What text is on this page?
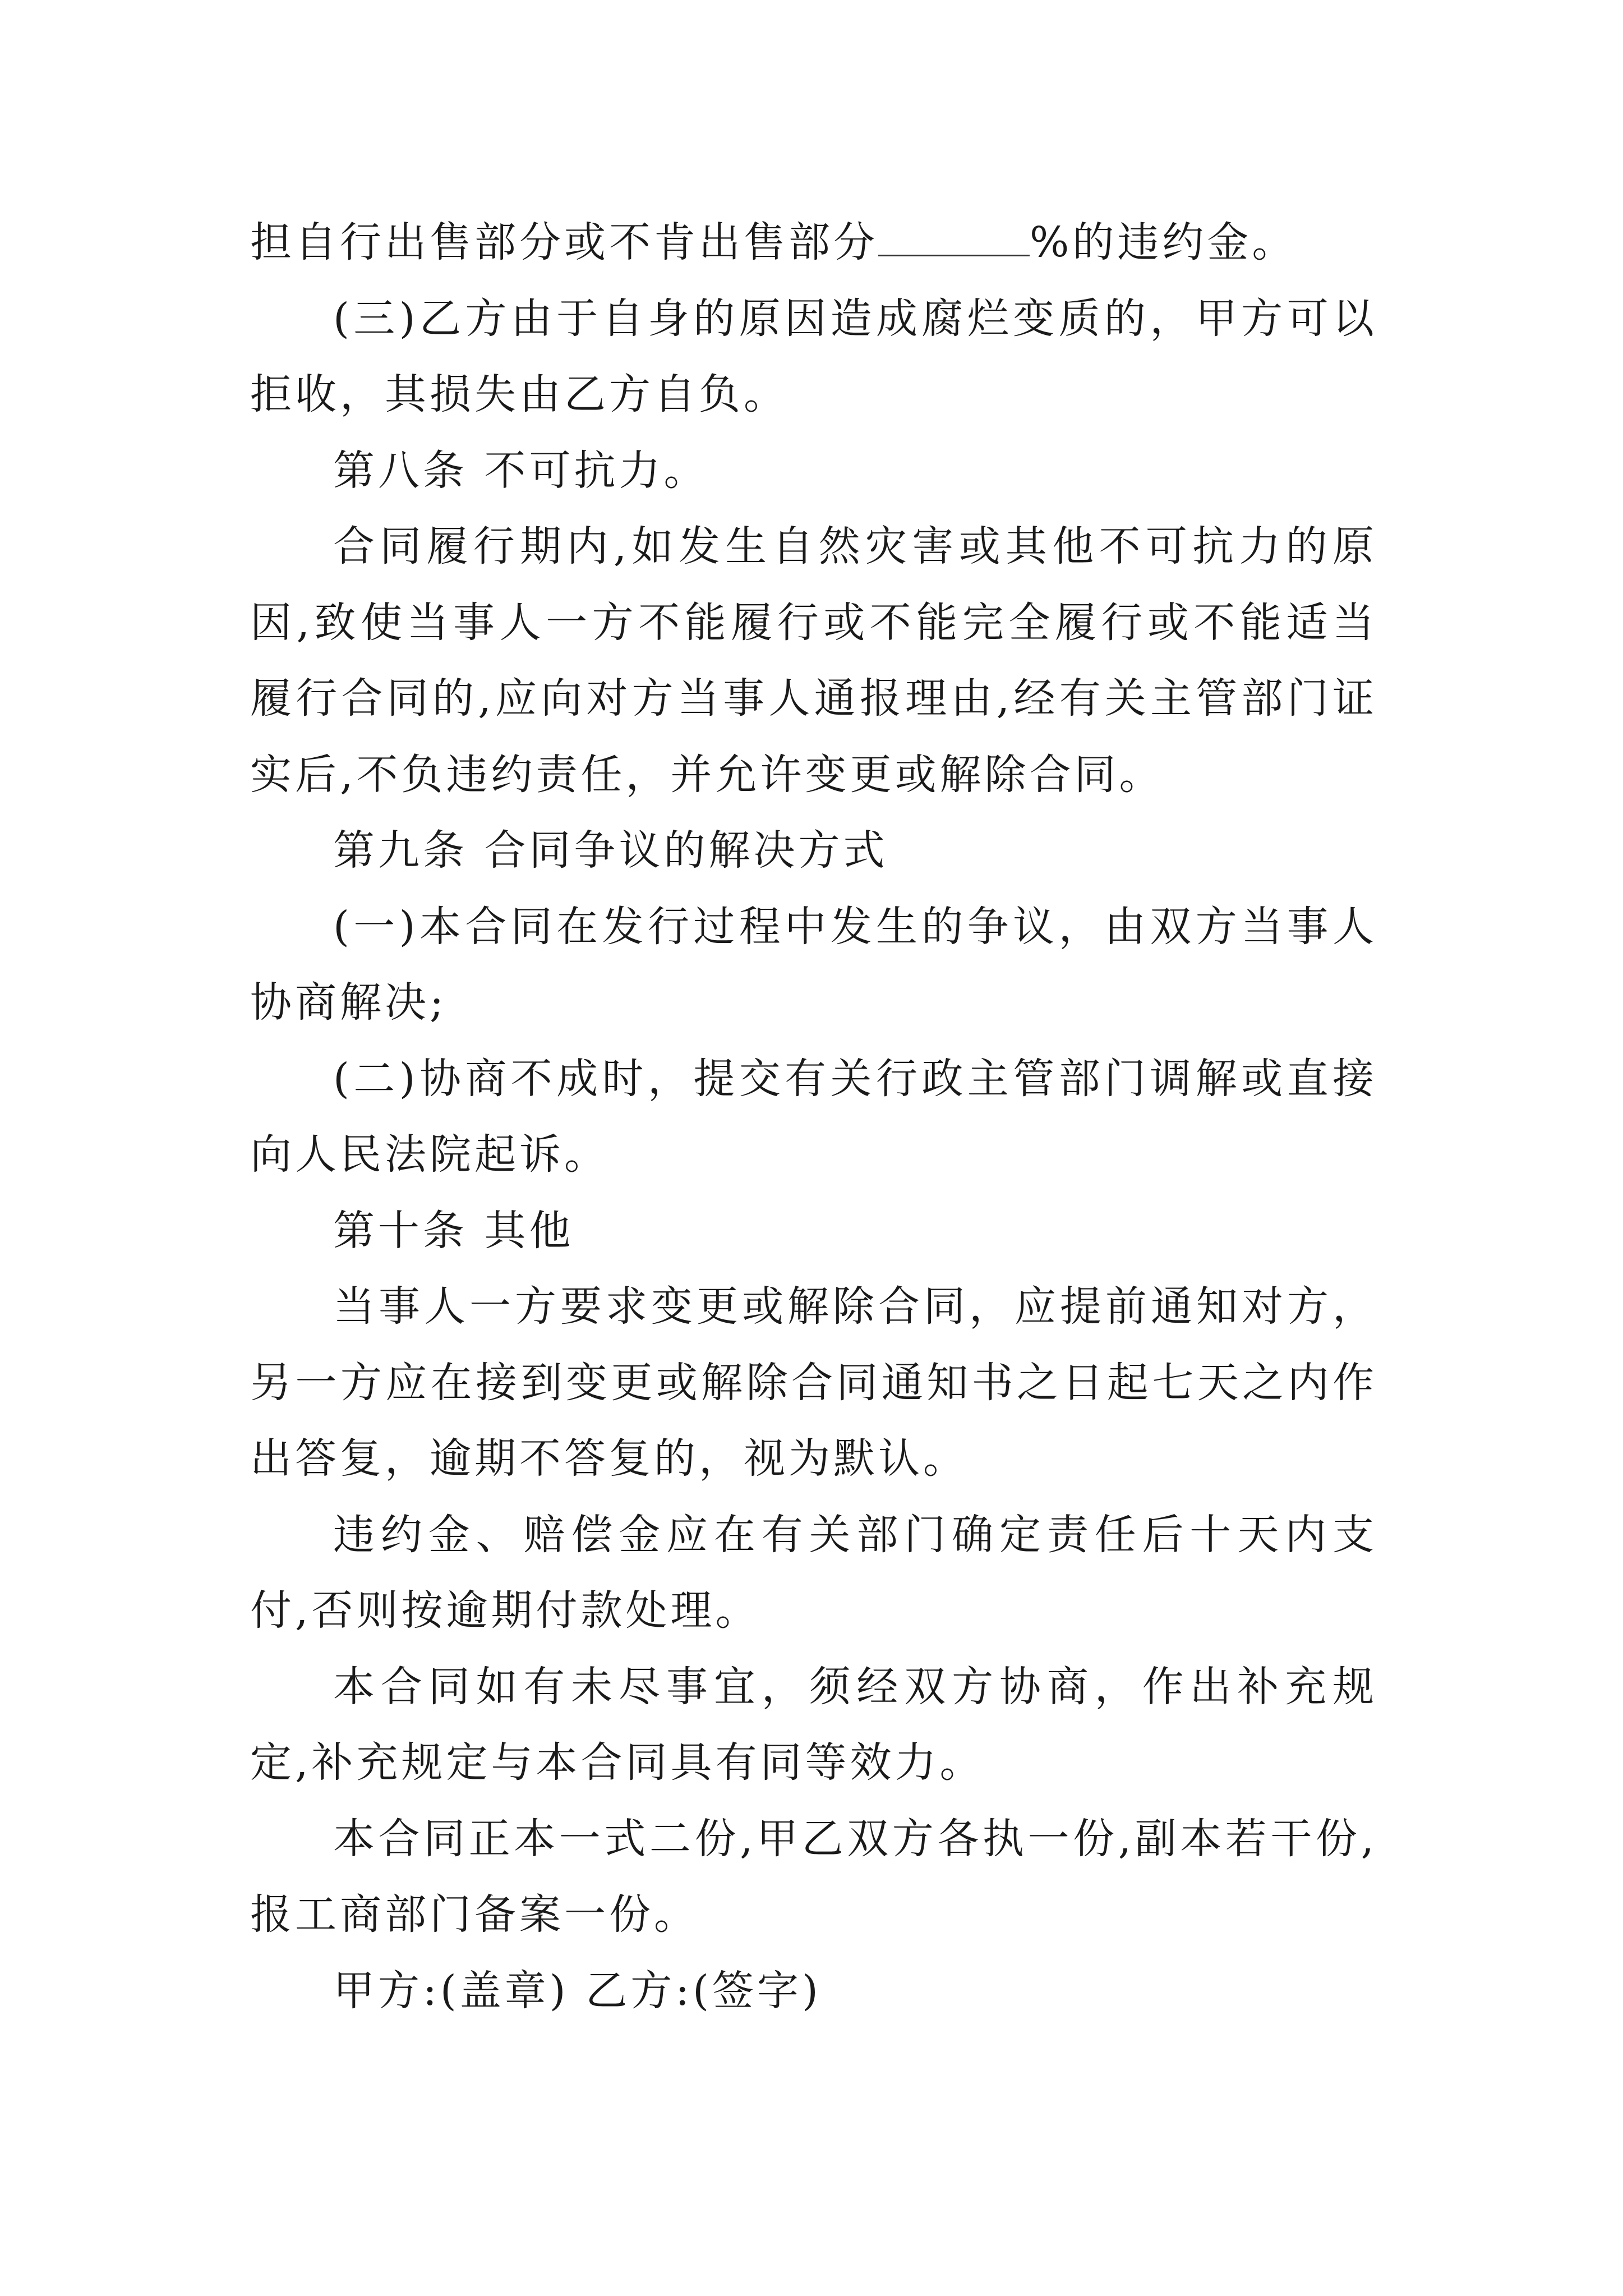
担自行出售部分或不肯出售部分	%的违约金。

(三)乙方由于自身的原因造成腐烂变质的，甲方可以拒收，其损失由乙方自负。

第八条 不可抗力。

合同履行期内,如发生自然灾害或其他不可抗力的原因,致使当事人一方不能履行或不能完全履行或不能适当履行合同的,应向对方当事人通报理由,经有关主管部门证实后,不负违约责任，并允许变更或解除合同。

第九条 合同争议的解决方式

(一)本合同在发行过程中发生的争议，由双方当事人协商解决;

(二)协商不成时，提交有关行政主管部门调解或直接向人民法院起诉。

第十条 其他

当事人一方要求变更或解除合同，应提前通知对方，另一方应在接到变更或解除合同通知书之日起七天之内作出答复，逾期不答复的，视为默认。

违约金、赔偿金应在有关部门确定责任后十天内支付,否则按逾期付款处理。

本合同如有未尽事宜，须经双方协商，作出补充规定,补充规定与本合同具有同等效力。

本合同正本一式二份,甲乙双方各执一份,副本若干份,报工商部门备案一份。

甲方:(盖章) 乙方:(签字)
